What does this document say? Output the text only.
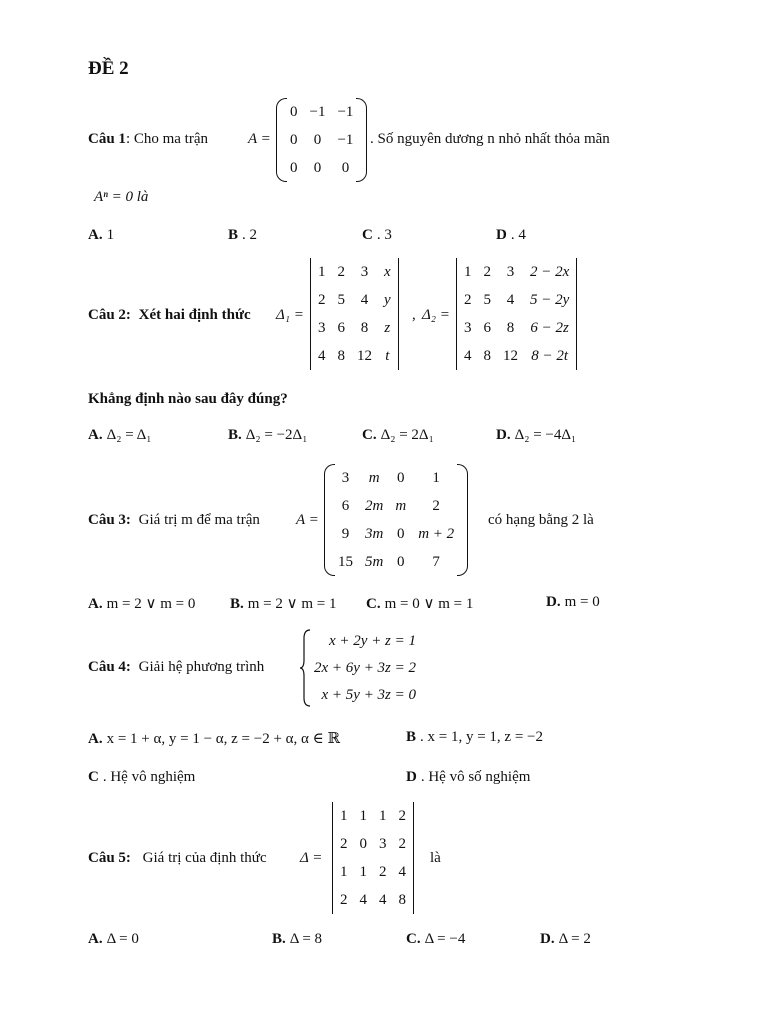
ĐỀ 2
Câu 1: Cho ma trận	A =
0	−1	−1
0	0	−1
0	0	0
. Số nguyên dương n nhỏ nhất thỏa mãn
Aⁿ = 0 là
A. 1	B . 2	C . 3	D . 4
Câu 2: Xét hai định thức Δ₁ =
1	2	3	x
2	5	4	y
3	6	8	z
4	8	12	t
, Δ₂ =
1	2	3	2 − 2x
2	5	4	5 − 2y
3	6	8	6 − 2z
4	8	12	8 − 2t
Khẳng định nào sau đây đúng?
A. Δ₂ = Δ₁	B. Δ₂ = −2Δ₁	C. Δ₂ = 2Δ₁	D. Δ₂ = −4Δ₁
Câu 3: Giá trị m để ma trận A =
3	m	0	1
6	2m	m	2
9	3m	0	m + 2
15	5m	0	7
có hạng bằng 2 là
A. m = 2 ∨ m = 0 B. m = 2 ∨ m = 1 C. m = 0 ∨ m = 1	D. m = 0
Câu 4: Giải hệ phương trình
x + 2y + z = 1
2x + 6y + 3z = 2
x + 5y + 3z = 0
A. x = 1 + α, y = 1 − α, z = −2 + α, α ∈ ℝ	B . x = 1, y = 1, z = −2
C . Hệ vô nghiệm	D . Hệ vô số nghiệm
Câu 5: Giá trị của định thức Δ =
1	1	1	2
2	0	3	2
1	1	2	4
2	4	4	8
là
A. Δ = 0	B. Δ = 8	C. Δ = −4	D. Δ = 2
